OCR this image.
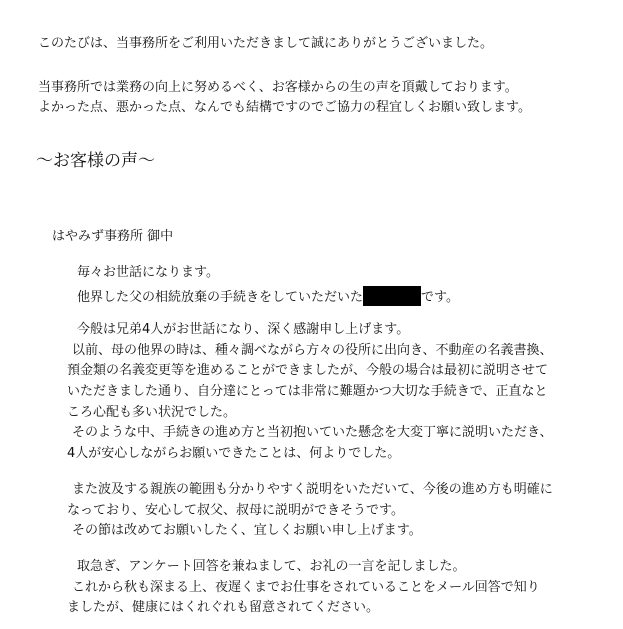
このたびは、当事務所をご利用いただきまして誠にありがとうございました。
当事務所では業務の向上に努めるべく、お客様からの生の声を頂戴しております。
よかった点、悪かった点、なんでも結構ですのでご協力の程宜しくお願い致します。
～お客様の声～
はやみず事務所 御中
毎々お世話になります。
他界した父の相続放棄の手続きをしていただいた	です。
今般は兄弟4人がお世話になり、深く感謝申し上げます。
以前、母の他界の時は、種々調べながら方々の役所に出向き、不動産の名義書換、
預金類の名義変更等を進めることができましたが、今般の場合は最初に説明させて
いただきました通り、自分達にとっては非常に難題かつ大切な手続きで、正直なと
ころ心配も多い状況でした。
そのような中、手続きの進め方と当初抱いていた懸念を大変丁寧に説明いただき、
4人が安心しながらお願いできたことは、何よりでした。
また波及する親族の範囲も分かりやすく説明をいただいて、今後の進め方も明確に
なっており、安心して叔父、叔母に説明ができそうです。
その節は改めてお願いしたく、宜しくお願い申し上げます。
取急ぎ、アンケート回答を兼ねまして、お礼の一言を記しました。
これから秋も深まる上、夜遅くまでお仕事をされていることをメール回答で知り
ましたが、健康にはくれぐれも留意されてください。
